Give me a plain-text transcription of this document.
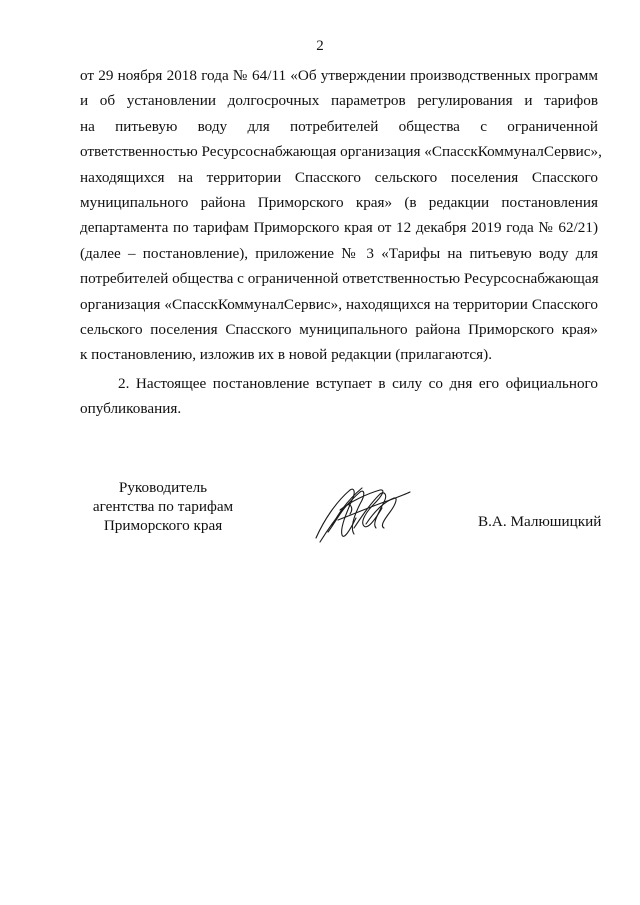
2
от 29 ноября 2018 года № 64/11 «Об утверждении производственных программ
и об установлении долгосрочных параметров регулирования и тарифов
на питьевую воду для потребителей общества с ограниченной
ответственностью Ресурсоснабжающая организация «СпасскКоммуналСервис»,
находящихся на территории Спасского сельского поселения Спасского
муниципального района Приморского края» (в редакции постановления
департамента по тарифам Приморского края от 12 декабря 2019 года № 62/21)
(далее – постановление), приложение № 3 «Тарифы на питьевую воду для
потребителей общества с ограниченной ответственностью Ресурсоснабжающая
организация «СпасскКоммуналСервис», находящихся на территории Спасского
сельского поселения Спасского муниципального района Приморского края»
к постановлению, изложив их в новой редакции (прилагаются).
2. Настоящее постановление вступает в силу со дня его официального
опубликования.
Руководитель
агентства по тарифам
Приморского края	В.А. Малюшицкий
